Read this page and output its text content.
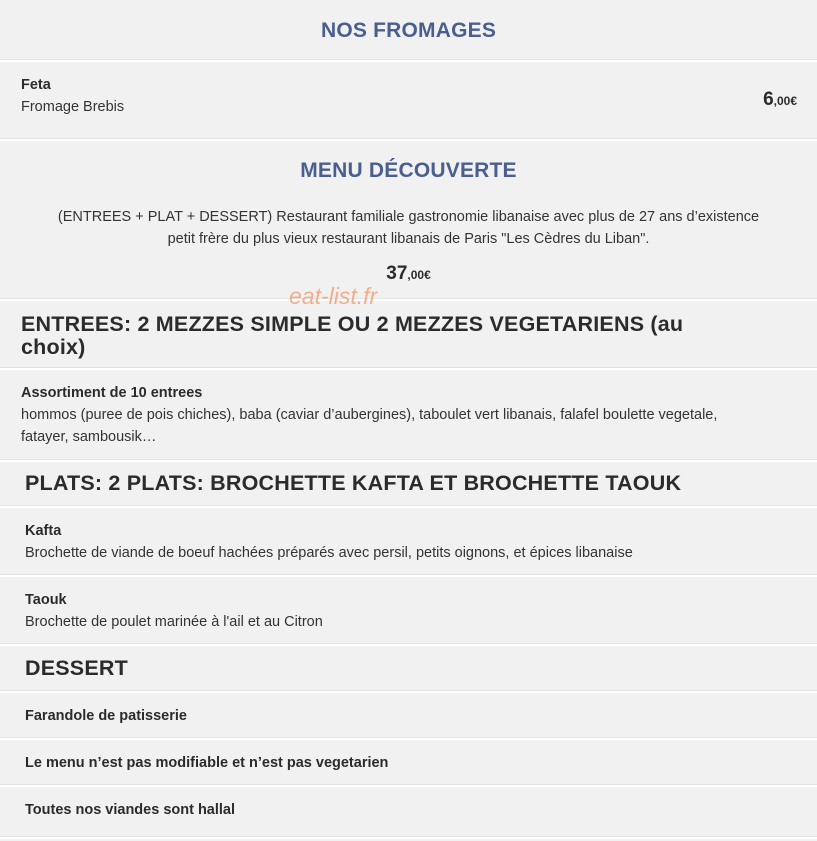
NOS FROMAGES
Feta
Fromage Brebis	6,00€
MENU DÉCOUVERTE
(ENTREES + PLAT + DESSERT) Restaurant familiale gastronomie libanaise avec plus de 27 ans d’existence
petit frère du plus vieux restaurant libanais de Paris "Les Cèdres du Liban".
37,00€
eat-list.fr
ENTREES: 2 MEZZES SIMPLE OU 2 MEZZES VEGETARIENS (au
choix)
Assortiment de 10 entrees
hommos (puree de pois chiches), baba (caviar d’aubergines), taboulet vert libanais, falafel boulette vegetale,
fatayer, sambousik…
PLATS: 2 PLATS: BROCHETTE KAFTA ET BROCHETTE TAOUK
Kafta
Brochette de viande de boeuf hachées préparés avec persil, petits oignons, et épices libanaise
Taouk
Brochette de poulet marinée à l'ail et au Citron
DESSERT
Farandole de patisserie
Le menu n’est pas modifiable et n’est pas vegetarien
Toutes nos viandes sont hallal
